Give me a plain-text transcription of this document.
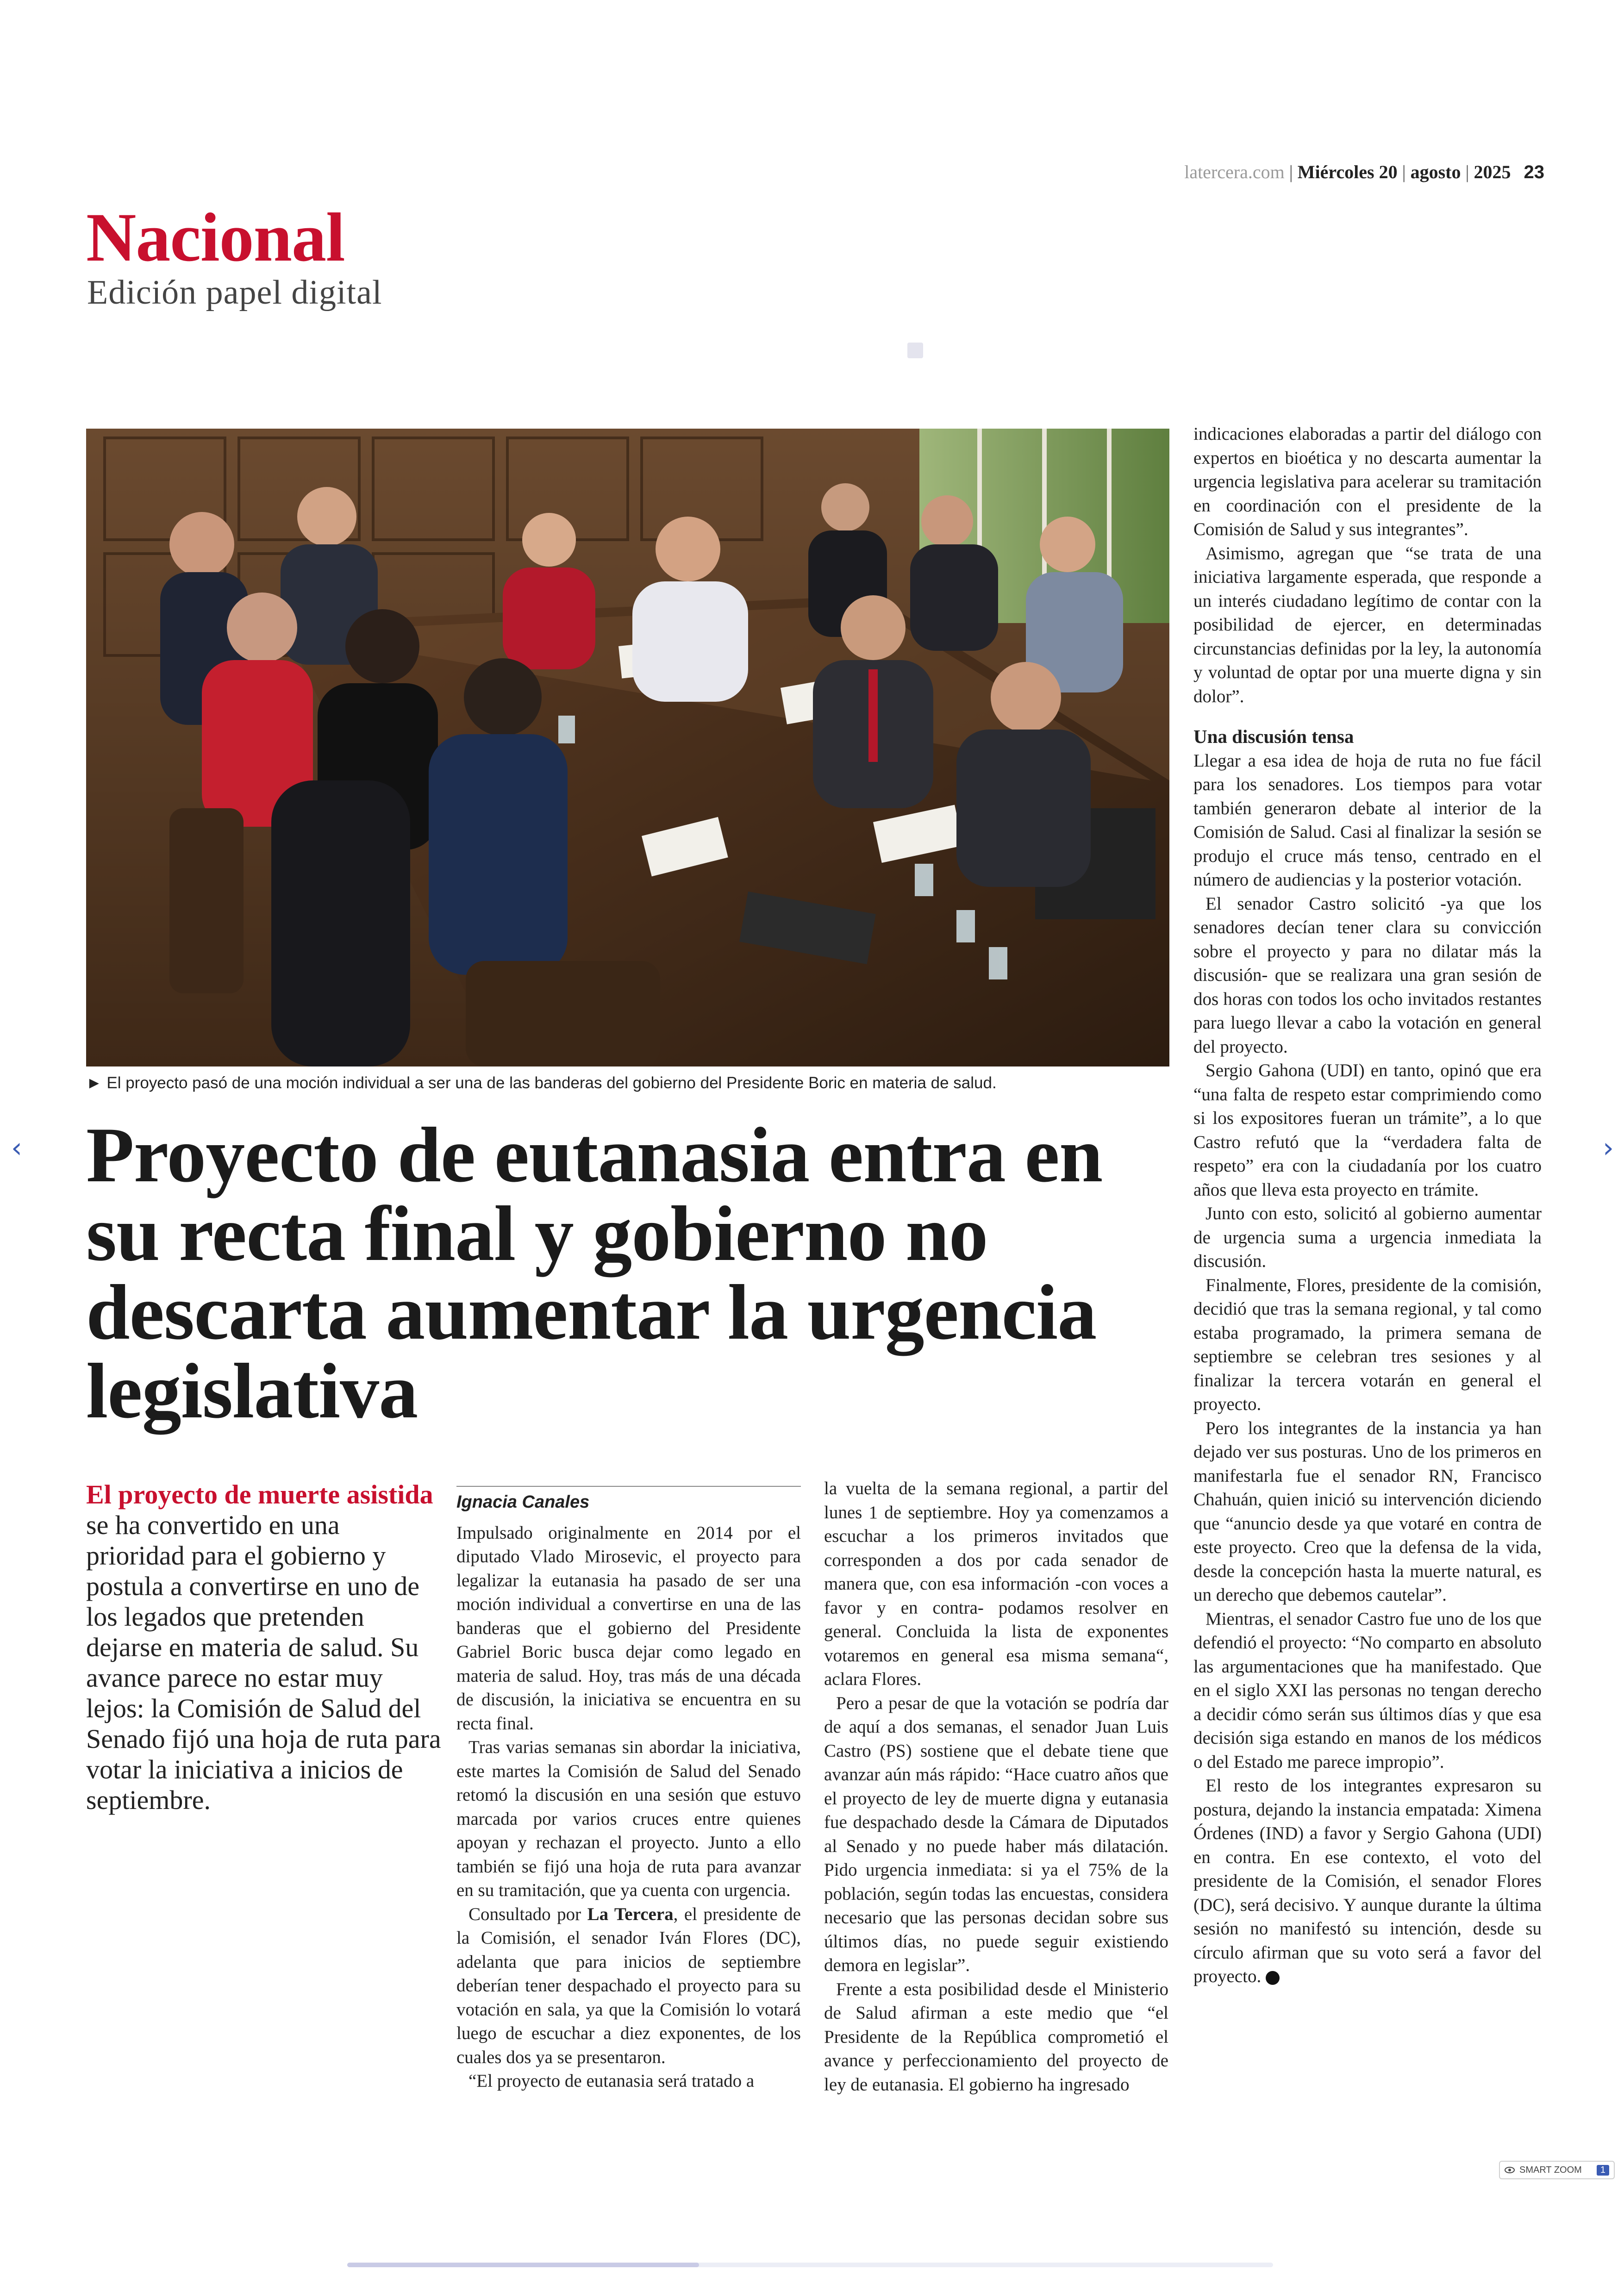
latercera.com | Miércoles 20 | agosto | 2025 23
Nacional
Edición papel digital
► El proyecto pasó de una moción individual a ser una de las banderas del gobierno del Presidente Boric en materia de salud.
Proyecto de eutanasia entra en su recta final y gobierno no descarta aumentar la urgencia legislativa
El proyecto de muerte asistida se ha convertido en una prioridad para el gobierno y postula a convertirse en uno de los legados que pretenden dejarse en materia de salud. Su avance parece no estar muy lejos: la Comisión de Salud del Senado fijó una hoja de ruta para votar la iniciativa a inicios de septiembre.
Ignacia Canales

Impulsado originalmente en 2014 por el diputado Vlado Mirosevic, el proyecto para legalizar la eutanasia ha pasado de ser una moción individual a convertirse en una de las banderas que el gobierno del Presidente Gabriel Boric busca dejar como legado en materia de salud. Hoy, tras más de una década de discusión, la iniciativa se encuentra en su recta final.

Tras varias semanas sin abordar la iniciativa, este martes la Comisión de Salud del Senado retomó la discusión en una sesión que estuvo marcada por varios cruces entre quienes apoyan y rechazan el proyecto. Junto a ello también se fijó una hoja de ruta para avanzar en su tramitación, que ya cuenta con urgencia.

Consultado por La Tercera, el presidente de la Comisión, el senador Iván Flores (DC), adelanta que para inicios de septiembre deberían tener despachado el proyecto para su votación en sala, ya que la Comisión lo votará luego de escuchar a diez exponentes, de los cuales dos ya se presentaron.

“El proyecto de eutanasia será tratado a

la vuelta de la semana regional, a partir del lunes 1 de septiembre. Hoy ya comenzamos a escuchar a los primeros invitados que corresponden a dos por cada senador de manera que, con esa información -con voces a favor y en contra- podamos resolver en general. Concluida la lista de exponentes votaremos en general esa misma semana“, aclara Flores.

Pero a pesar de que la votación se podría dar de aquí a dos semanas, el senador Juan Luis Castro (PS) sostiene que el debate tiene que avanzar aún más rápido: “Hace cuatro años que el proyecto de ley de muerte digna y eutanasia fue despachado desde la Cámara de Diputados al Senado y no puede haber más dilatación. Pido urgencia inmediata: si ya el 75% de la población, según todas las encuestas, considera necesario que las personas decidan sobre sus últimos días, no puede seguir existiendo demora en legislar”.

Frente a esta posibilidad desde el Ministerio de Salud afirman a este medio que “el Presidente de la República comprometió el avance y perfeccionamiento del proyecto de ley de eutanasia. El gobierno ha ingresado

indicaciones elaboradas a partir del diálogo con expertos en bioética y no descarta aumentar la urgencia legislativa para acelerar su tramitación en coordinación con el presidente de la Comisión de Salud y sus integrantes”.

Asimismo, agregan que “se trata de una iniciativa largamente esperada, que responde a un interés ciudadano legítimo de contar con la posibilidad de ejercer, en determinadas circunstancias definidas por la ley, la autonomía y voluntad de optar por una muerte digna y sin dolor”.

Una discusión tensa

Llegar a esa idea de hoja de ruta no fue fácil para los senadores. Los tiempos para votar también generaron debate al interior de la Comisión de Salud. Casi al finalizar la sesión se produjo el cruce más tenso, centrado en el número de audiencias y la posterior votación.

El senador Castro solicitó -ya que los senadores decían tener clara su convicción sobre el proyecto y para no dilatar más la discusión- que se realizara una gran sesión de dos horas con todos los ocho invitados restantes para luego llevar a cabo la votación en general del proyecto.

Sergio Gahona (UDI) en tanto, opinó que era “una falta de respeto estar comprimiendo como si los expositores fueran un trámite”, a lo que Castro refutó que la “verdadera falta de respeto” era con la ciudadanía por los cuatro años que lleva esta proyecto en trámite.

Junto con esto, solicitó al gobierno aumentar de urgencia suma a urgencia inmediata la discusión.

Finalmente, Flores, presidente de la comisión, decidió que tras la semana regional, y tal como estaba programado, la primera semana de septiembre se celebran tres sesiones y al finalizar la tercera votarán en general el proyecto.

Pero los integrantes de la instancia ya han dejado ver sus posturas. Uno de los primeros en manifestarla fue el senador RN, Francisco Chahuán, quien inició su intervención diciendo que “anuncio desde ya que votaré en contra de este proyecto. Creo que la defensa de la vida, desde la concepción hasta la muerte natural, es un derecho que debemos cautelar”.

Mientras, el senador Castro fue uno de los que defendió el proyecto: “No comparto en absoluto las argumentaciones que ha manifestado. Que en el siglo XXI las personas no tengan derecho a decidir cómo serán sus últimos días y que esa decisión siga estando en manos de los médicos o del Estado me parece impropio”.

El resto de los integrantes expresaron su postura, dejando la instancia empatada: Ximena Órdenes (IND) a favor y Sergio Gahona (UDI) en contra. En ese contexto, el voto del presidente de la Comisión, el senador Flores (DC), será decisivo. Y aunque durante la última sesión no manifestó su intención, desde su círculo afirman que su voto será a favor del proyecto.

‹	›
SMART ZOOM	1
